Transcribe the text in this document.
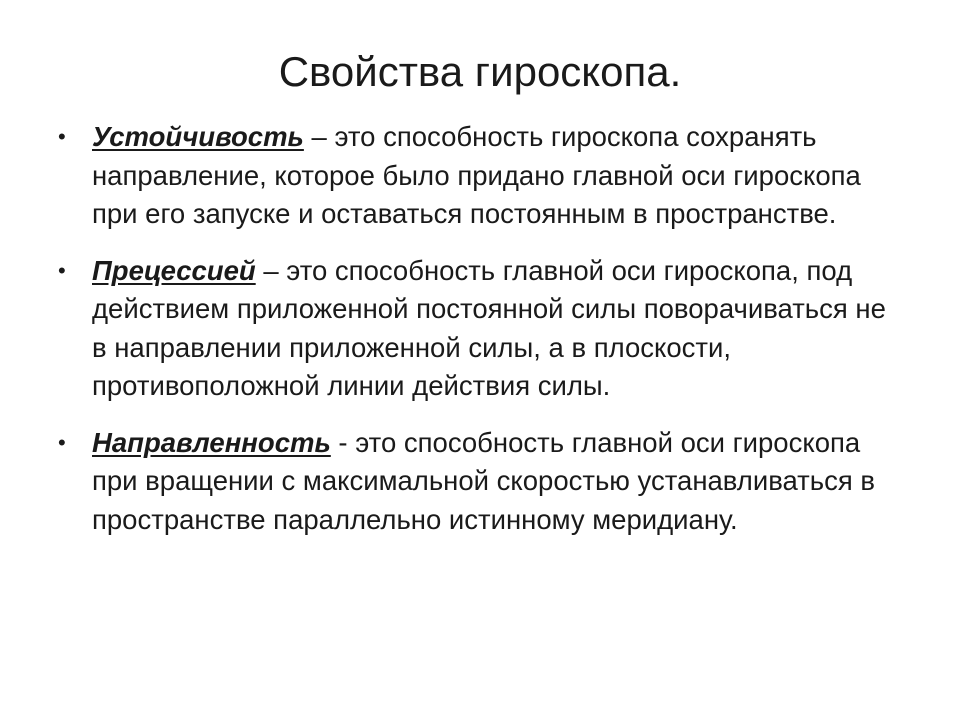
Свойства гироскопа.
• Устойчивость – это способность гироскопа сохранять направление, которое было придано главной оси гироскопа при его запуске и оставаться постоянным в пространстве.
• Прецессией – это способность главной оси гироскопа, под действием приложенной постоянной силы поворачиваться не в направлении приложенной силы, а в плоскости, противоположной линии действия силы.
• Направленность - это способность главной оси гироскопа при вращении с максимальной скоростью устанавливаться в пространстве параллельно истинному меридиану.
